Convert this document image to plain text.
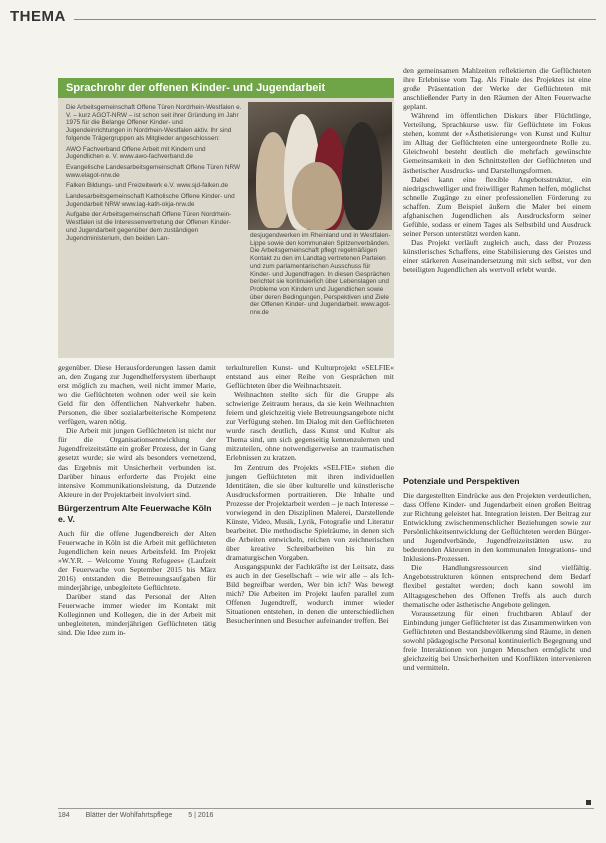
THEMA
Sprachrohr der offenen Kinder- und Jugendarbeit

Die Arbeitsgemeinschaft Offene Türen Nordrhein-Westfalen e. V. – kurz AGOT-NRW – ist schon seit ihrer Gründung im Jahr 1975 für die Belange Offener Kinder- und Jugendeinrichtungen in Nordrhein-Westfalen aktiv. Ihr sind folgende Trägergruppen als Mitglieder angeschlossen:

AWO Fachverband Offene Arbeit mit Kindern und Jugendlichen e. V. www.awo-fachverband.de

Evangelische Landesarbeitsgemeinschaft Offene Türen NRW www.elagot-nrw.de

Falken Bildungs- und Freizeitwerk e.V. www.sjd-falken.de

Landesarbeitsgemeinschaft Katholische Offene Kinder- und Jugendarbeit NRW www.lag-kath-okja-nrw.de

Aufgabe der Arbeitsgemeinschaft Offene Türen Nordrhein-Westfalen ist die Interessenvertretung der Offenen Kinder- und Jugendarbeit gegenüber dem zuständigen Jugendministerium, den beiden Lan-	desjugendwerken im Rheinland und in Westfalen-Lippe sowie den kommunalen Spitzenverbänden. Die Arbeitsgemeinschaft pflegt regelmäßigen Kontakt zu den im Landtag vertretenen Parteien und zum parlamentarischen Ausschuss für Kinder- und Jugendfragen. In diesen Gesprächen berichtet sie kontinuierlich über Lebenslagen und Probleme von Kindern und Jugendlichen sowie über deren Bedingungen, Perspektiven und Ziele der Offenen Kinder- und Jugendarbeit. www.agot-nrw.de

gegenüber. Diese Herausforderungen lassen damit an, den Zugang zur Jugendhelfersystem überhaupt erst möglich zu machen, weil nicht immer Marie, wo die Geflüchteten wohnen oder weil sie kein Geld für den öffentlichen Nahverkehr haben. Personen, die über sozialarbeiterische Kompetenz verfügen, waren nötig.

Die Arbeit mit jungen Geflüchteten ist nicht nur für die Organisationsentwicklung der Jugendfreizeitstätte ein großer Prozess, der in Gang gesetzt wurde; sie wird als besonders vernetzend, das Ergebnis mit Unsicherheit verbunden ist. Darüber hinaus erforderte das Projekt eine intensive Kommunikationsleistung, da Dutzende Akteure in der Projektarbeit involviert sind.

Bürgerzentrum Alte Feuerwache Köln e. V.

Auch für die offene Jugendbereich der Alten Feuerwache in Köln ist die Arbeit mit geflüchteten Jugendlichen kein neues Arbeitsfeld. Im Projekt »W.Y.R. – Welcome Young Refugees« (Laufzeit der Feuerwache von September 2015 bis März 2016) entstanden die Betreuungsaufgaben für minderjährige, unbegleitete Geflüchtete.

Darüber stand das Personal der Alten Feuerwache immer wieder im Kontakt mit Kolleginnen und Kollegen, die in der Arbeit mit unbegleiteten, minderjährigen Geflüchteten tätig sind. Die Idee zum in-

terkulturellen Kunst- und Kulturprojekt »SELFIE« entstand aus einer Reihe von Gesprächen mit Geflüchteten über die Weihnachtszeit.

Weihnachten stellte sich für die Gruppe als schwierige Zeitraum heraus, da sie kein Weihnachten feiern und gleichzeitig viele Betreuungsangebote nicht zur Verfügung stehen. Im Dialog mit den Geflüchteten wurde rasch deutlich, dass Kunst und Kultur als Thema sind, um sich gegenseitig kennenzulernen und mitzuteilen, ohne notwendigerweise an traumatischen Erlebnissen zu kratzen.

Im Zentrum des Projekts »SELFIE« stehen die jungen Geflüchteten mit ihren individuellen Identitäten, die sie über kulturelle und künstlerische Ausdrucksformen portraitieren. Die Inhalte und Prozesse der Projektarbeit werden – je nach Interesse – vorwiegend in den Disziplinen Malerei, Darstellende Künste, Video, Musik, Lyrik, Fotografie und Literatur bearbeitet. Die methodische Spielräume, in denen sich die Arbeiten entwickeln, reichen von zeichnerischen über kreative Schreibarbeiten bis hin zu dramaturgischen Vorgaben.

Ausgangspunkt der Fachkräfte ist der Leitsatz, dass es auch in der Gesellschaft – wie wir alle – als Ich-Bild begreifbar werden, Wer bin ich? Was bewegt mich? Die Arbeiten im Projekt laufen parallel zum Offenen Jugendtreff, wodurch immer wieder Situationen entstehen, in denen die unterschiedlichen Besucherinnen und Besucher aufeinander treffen. Bei

den gemeinsamen Mahlzeiten reflektierten die Geflüchteten ihre Erlebnisse vom Tag. Als Finale des Projektes ist eine große Präsentation der Werke der Geflüchteten mit anschließender Party in den Räumen der Alten Feuerwache geplant.

Während im öffentlichen Diskurs über Flüchtlinge, Verteilung, Sprachkurse usw. für Geflüchtete im Fokus stehen, kommt der »Ästhetisierung« von Kunst und Kultur im Alltag der Geflüchteten eine untergeordnete Rolle zu. Gleichwohl besteht deutlich die mehrfach gewünschte Gemeinsamkeit in den Schnittstellen der Geflüchteten und ästhetischer Ausdrucks- und Darstellungsformen.

Dabei kann eine flexible Angebotsstruktur, ein niedrigschwelliger und freiwilliger Rahmen helfen, möglichst schnelle Zugänge zu einer professionellen Förderung zu schaffen. Zum Beispiel äußern die Maler bei einem afghanischen Jugendlichen als Ausdrucksform seiner Gefühle, sodass er einem Tages als Selbstbild und Ausdruck seiner Person unterstützt werden kann.

Das Projekt verläuft zugleich auch, dass der Prozess künstlerisches Schaffens, eine Stabilisierung des Geistes und einer stärkeren Auseinandersetzung mit sich selbst, vor den beteiligten Jugendlichen als wertvoll erlebt wurde.

Potenziale und Perspektiven

Die dargestellten Eindrücke aus den Projekten verdeutlichen, dass Offene Kinder- und Jugendarbeit einen großen Beitrag zur Richtung geleistet hat. Integration leisten. Der Beitrag zur Entwicklung zwischenmenschlicher Beziehungen sowie zur Persönlichkeitsentwicklung der Geflüchteten werden Bürger- und Jugendverbände, Jugendfreizeitstätten usw. zu bedeutenden Akteuren in den kommunalen Integrations- und Inklusions-Prozessen.

Die Handlungsressourcen sind vielfältig. Angebotsstrukturen können entsprechend dem Bedarf flexibel gestaltet werden; doch kann sowohl im Alltagsgeschehen des Offenen Treffs als auch durch thematische oder ästhetische Angebote gelingen.

Voraussetzung für einen fruchtbaren Ablauf der Einbindung junger Geflüchteter ist das Zusammenwirken von Geflüchteten und Bestandsbevölkerung sind Räume, in denen sowohl pädagogische Personal kontinuierlich Begegnung und freie Interaktionen von jungen Menschen ermöglicht und gleichzeitig bei Unsicherheiten und Konflikten intervenieren und vermitteln.

184 Blätter der Wohlfahrtspflege 5 | 2016
